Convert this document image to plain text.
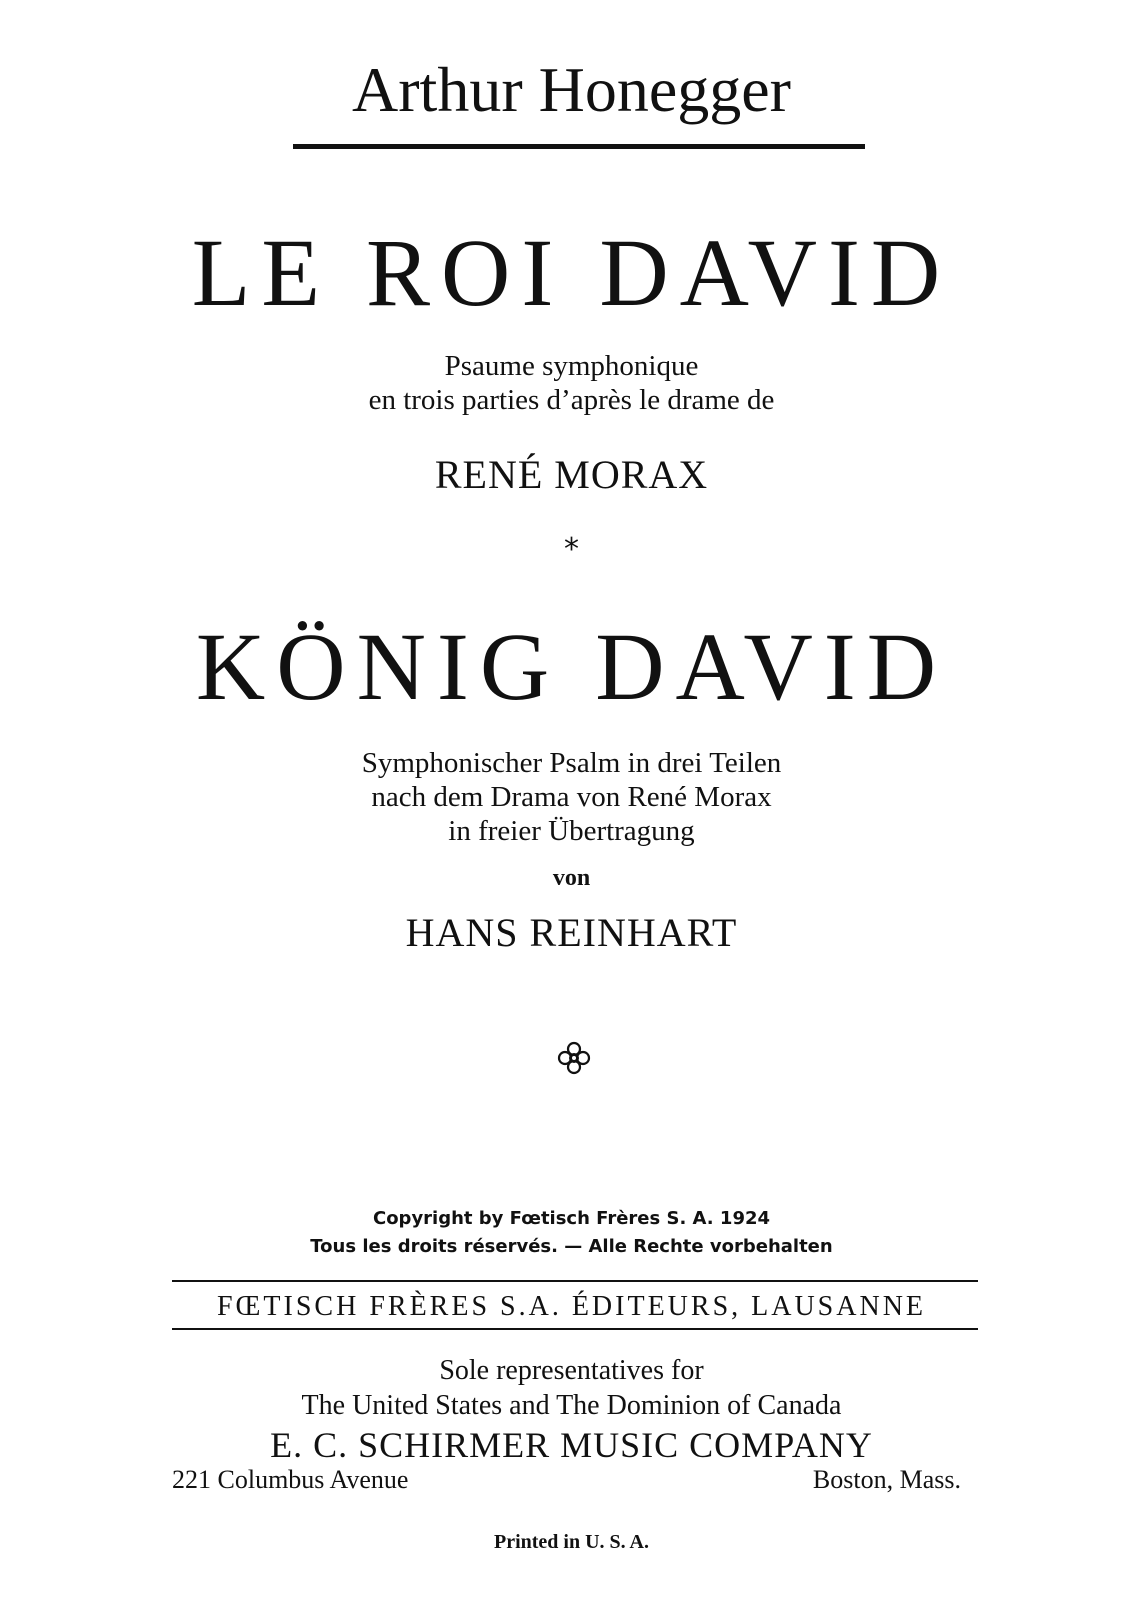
Arthur Honegger
LE ROI DAVID
Psaume symphonique
en trois parties d’après le drame de
RENÉ MORAX
*
KÖNIG DAVID
Symphonischer Psalm in drei Teilen
nach dem Drama von René Morax
in freier Übertragung
von
HANS REINHART
Copyright by Fœtisch Frères S. A. 1924
Tous les droits réservés. — Alle Rechte vorbehalten
FŒTISCH FRÈRES S.A. ÉDITEURS, LAUSANNE
Sole representatives for
The United States and The Dominion of Canada
E. C. SCHIRMER MUSIC COMPANY
221 Columbus Avenue	Boston, Mass.
Printed in U. S. A.
